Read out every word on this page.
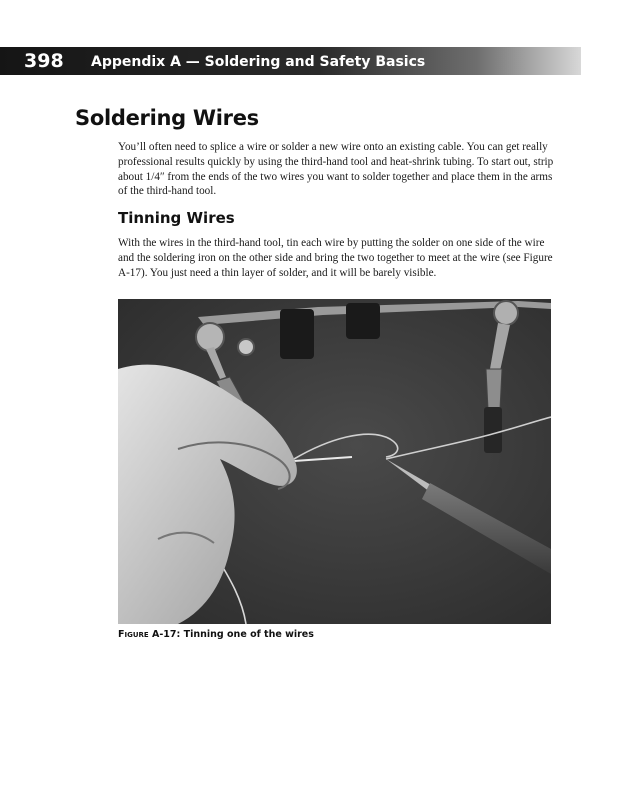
398 Appendix A — Soldering and Safety Basics
Soldering Wires

You’ll often need to splice a wire or solder a new wire onto an existing cable. You can get really professional results quickly by using the third-hand tool and heat-shrink tubing. To start out, strip about 1/4″ from the ends of the two wires you want to solder together and place them in the arms of the third-hand tool.

Tinning Wires

With the wires in the third-hand tool, tin each wire by putting the solder on one side of the wire and the soldering iron on the other side and bring the two together to meet at the wire (see Figure A-17). You just need a thin layer of solder, and it will be barely visible.

Figure A-17: Tinning one of the wires
